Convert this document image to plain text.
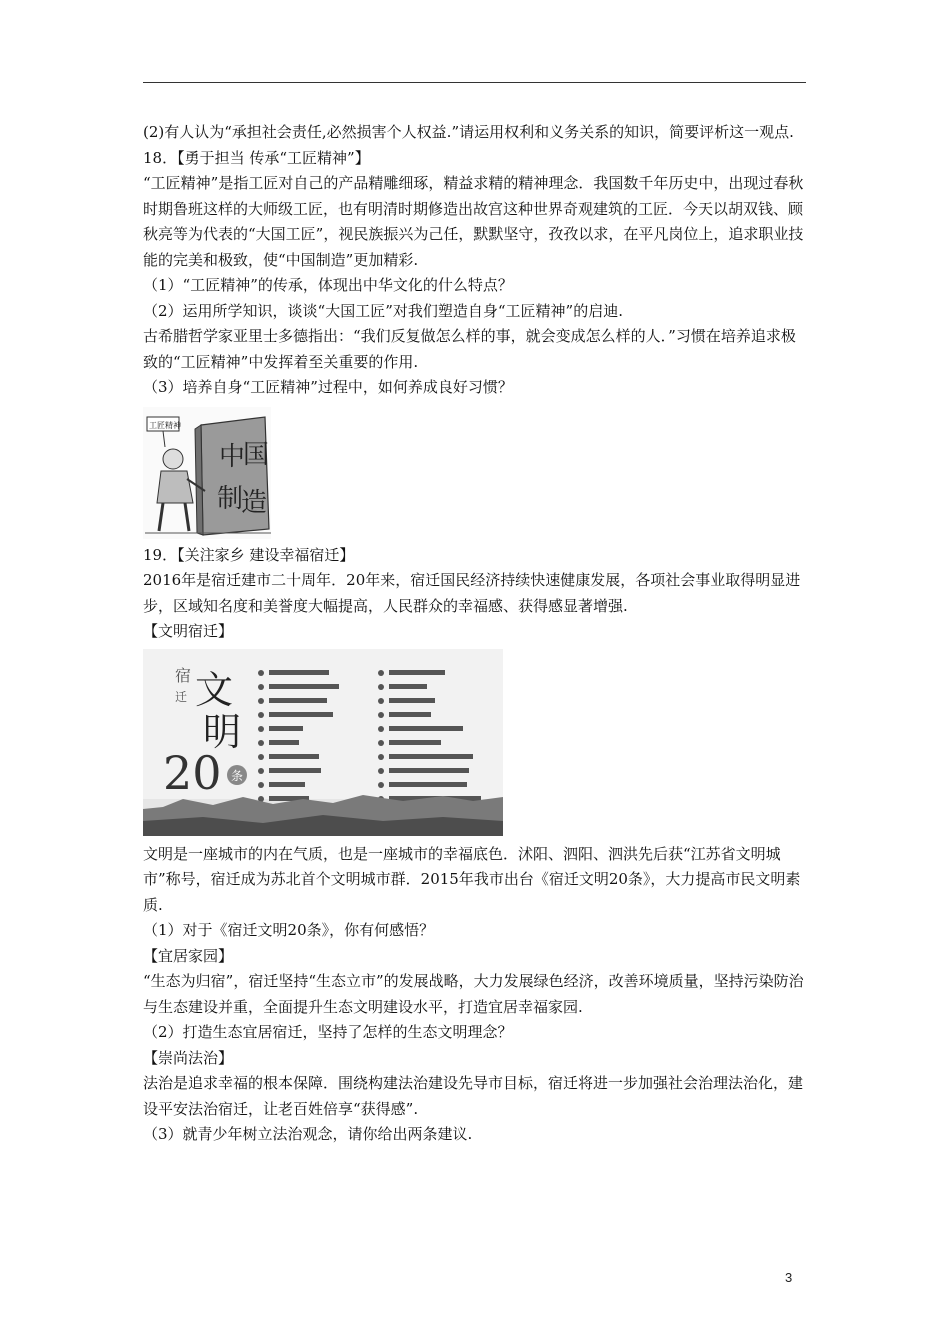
(2)有人认为“承担社会责任,必然损害个人权益.”请运用权利和义务关系的知识，简要评析这一观点.

18．【勇于担当 传承“工匠精神”】

“工匠精神”是指工匠对自己的产品精雕细琢，精益求精的精神理念．我国数千年历史中，出现过春秋时期鲁班这样的大师级工匠，也有明清时期修造出故宫这种世界奇观建筑的工匠．今天以胡双钱、顾秋亮等为代表的“大国工匠”，视民族振兴为己任，默默坚守，孜孜以求，在平凡岗位上，追求职业技能的完美和极致，使“中国制造”更加精彩.

（1）“工匠精神”的传承，体现出中华文化的什么特点？

（2）运用所学知识，谈谈“大国工匠”对我们塑造自身“工匠精神”的启迪.

古希腊哲学家亚里士多德指出：“我们反复做怎么样的事，就会变成怎么样的人．”习惯在培养追求极致的“工匠精神”中发挥着至关重要的作用.

（3）培养自身“工匠精神”过程中，如何养成良好习惯？

中
国
制
造
工匠精神

19．【关注家乡 建设幸福宿迁】

2016年是宿迁建市二十周年．20年来，宿迁国民经济持续快速健康发展，各项社会事业取得明显进步，区域知名度和美誉度大幅提高，人民群众的幸福感、获得感显著增强.

【文明宿迁】

宿
迁 文
明
20 条

文明是一座城市的内在气质，也是一座城市的幸福底色．沭阳、泗阳、泗洪先后获“江苏省文明城市”称号，宿迁成为苏北首个文明城市群．2015年我市出台《宿迁文明20条》，大力提高市民文明素质.

（1）对于《宿迁文明20条》，你有何感悟？

【宜居家园】

“生态为归宿”，宿迁坚持“生态立市”的发展战略，大力发展绿色经济，改善环境质量，坚持污染防治与生态建设并重，全面提升生态文明建设水平，打造宜居幸福家园.

（2）打造生态宜居宿迁，坚持了怎样的生态文明理念？

【崇尚法治】

法治是追求幸福的根本保障．围绕构建法治建设先导市目标，宿迁将进一步加强社会治理法治化，建设平安法治宿迁，让老百姓倍享“获得感”.

（3）就青少年树立法治观念，请你给出两条建议.

3
